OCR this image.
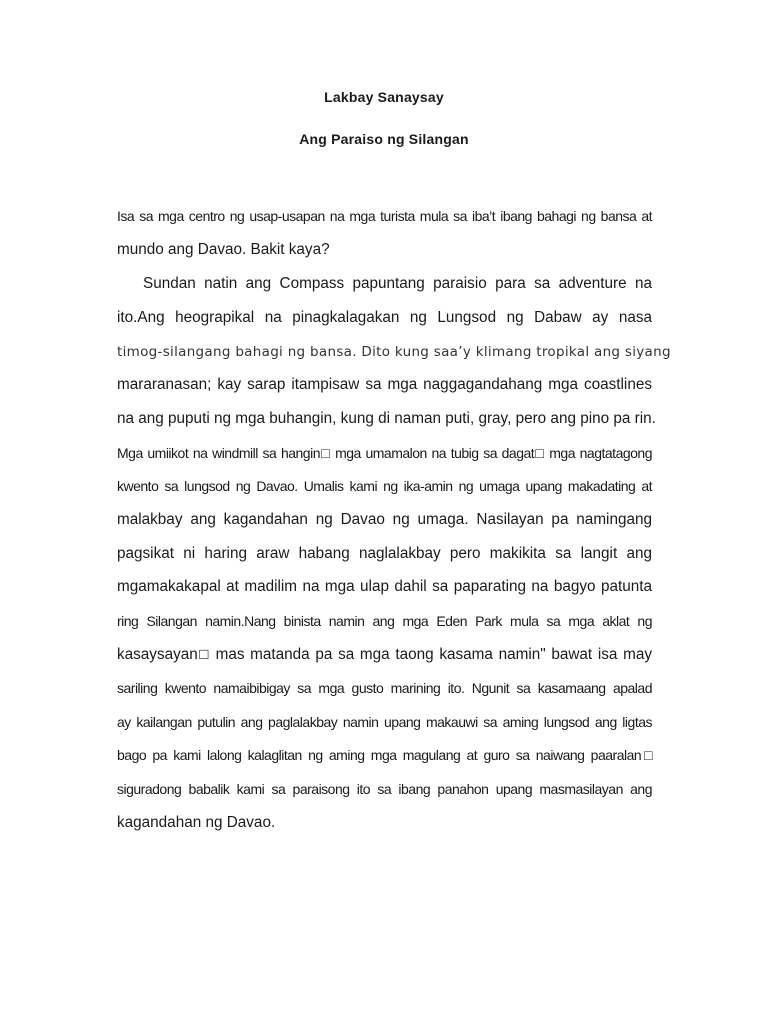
Lakbay Sanaysay
Ang Paraiso ng Silangan
Isa sa mga centro ng usap-usapan na mga turista mula sa iba’t ibang bahagi ng bansa at
mundo ang Davao. Bakit kaya?
Sundan natin ang Compass papuntang paraisio para sa adventure na
ito.Ang heograpikal na pinagkalagakan ng Lungsod ng Dabaw ay nasa
timog-silangang bahagi ng bansa. Dito kung saa’y klimang tropikal ang siyang
mararanasan; kay sarap itampisaw sa mga naggagandahang mga coastlines
na ang puputi ng mga buhangin, kung di naman puti, gray, pero ang pino pa rin.
Mga umiikot na windmill sa hangin□ mga umamalon na tubig sa dagat□ mga nagtatagong
kwento sa lungsod ng Davao. Umalis kami ng ika-amin ng umaga upang makadating at
malakbay ang kagandahan ng Davao ng umaga. Nasilayan pa namingang
pagsikat ni haring araw habang naglalakbay pero makikita sa langit ang
mgamakakapal at madilim na mga ulap dahil sa paparating na bagyo patunta
ring Silangan namin.Nang binista namin ang mga Eden Park mula sa mga aklat ng
kasaysayan□ mas matanda pa sa mga taong kasama namin" bawat isa may
sariling kwento namaibibigay sa mga gusto marining ito. Ngunit sa kasamaang apalad
ay kailangan putulin ang paglalakbay namin upang makauwi sa aming lungsod ang ligtas
bago pa kami lalong kalaglitan ng aming mga magulang at guro sa naiwang paaralan□
siguradong babalik kami sa paraisong ito sa ibang panahon upang masmasilayan ang
kagandahan ng Davao.
